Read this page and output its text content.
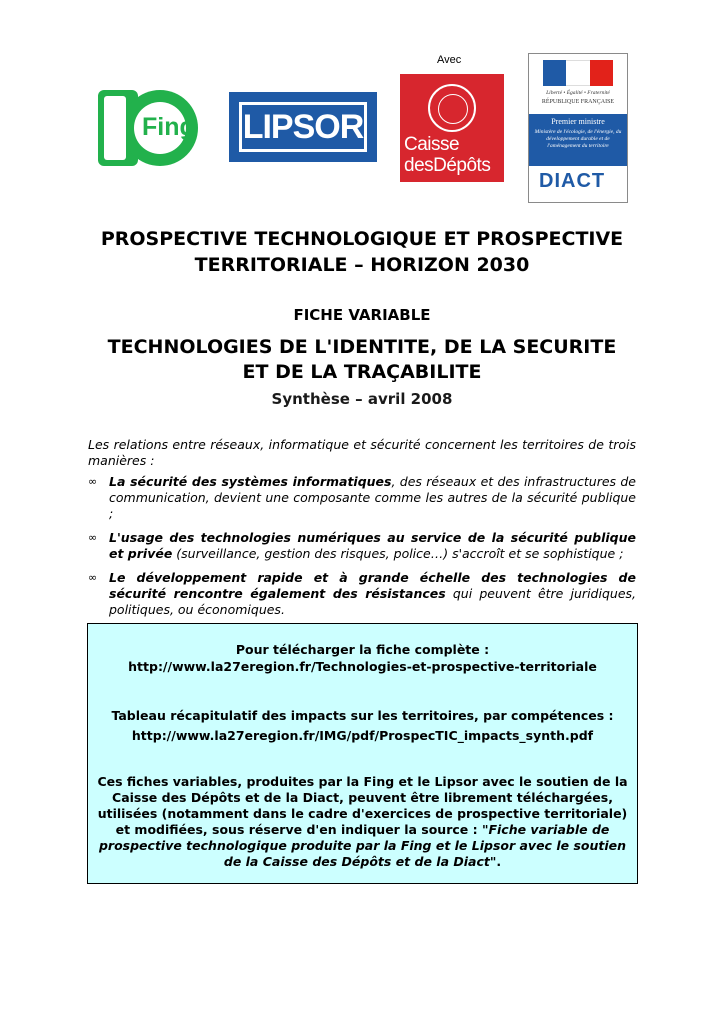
Fing LIPSOR
Avec
Caisse
desDépôts
Liberté • Égalité • Fraternité
RÉPUBLIQUE FRANÇAISE
Premier ministre
Ministère de l'écologie, de l'énergie, du développement durable et de l'aménagement du territoire
DIACT
PROSPECTIVE TECHNOLOGIQUE ET PROSPECTIVE
TERRITORIALE – HORIZON 2030
FICHE VARIABLE
TECHNOLOGIES DE L'IDENTITE, DE LA SECURITE
ET DE LA TRAÇABILITE
Synthèse – avril 2008
Les relations entre réseaux, informatique et sécurité concernent les territoires de trois manières :
∞ La sécurité des systèmes informatiques, des réseaux et des infrastructures de communication, devient une composante comme les autres de la sécurité publique ;
∞ L'usage des technologies numériques au service de la sécurité publique et privée (surveillance, gestion des risques, police…) s'accroît et se sophistique ;
∞ Le développement rapide et à grande échelle des technologies de sécurité rencontre également des résistances qui peuvent être juridiques, politiques, ou économiques.
Pour télécharger la fiche complète :
http://www.la27eregion.fr/Technologies-et-prospective-territoriale
Tableau récapitulatif des impacts sur les territoires, par compétences :
http://www.la27eregion.fr/IMG/pdf/ProspecTIC_impacts_synth.pdf
Ces fiches variables, produites par la Fing et le Lipsor avec le soutien de la Caisse des Dépôts et de la Diact, peuvent être librement téléchargées, utilisées (notamment dans le cadre d'exercices de prospective territoriale) et modifiées, sous réserve d'en indiquer la source : "Fiche variable de prospective technologique produite par la Fing et le Lipsor avec le soutien de la Caisse des Dépôts et de la Diact".
